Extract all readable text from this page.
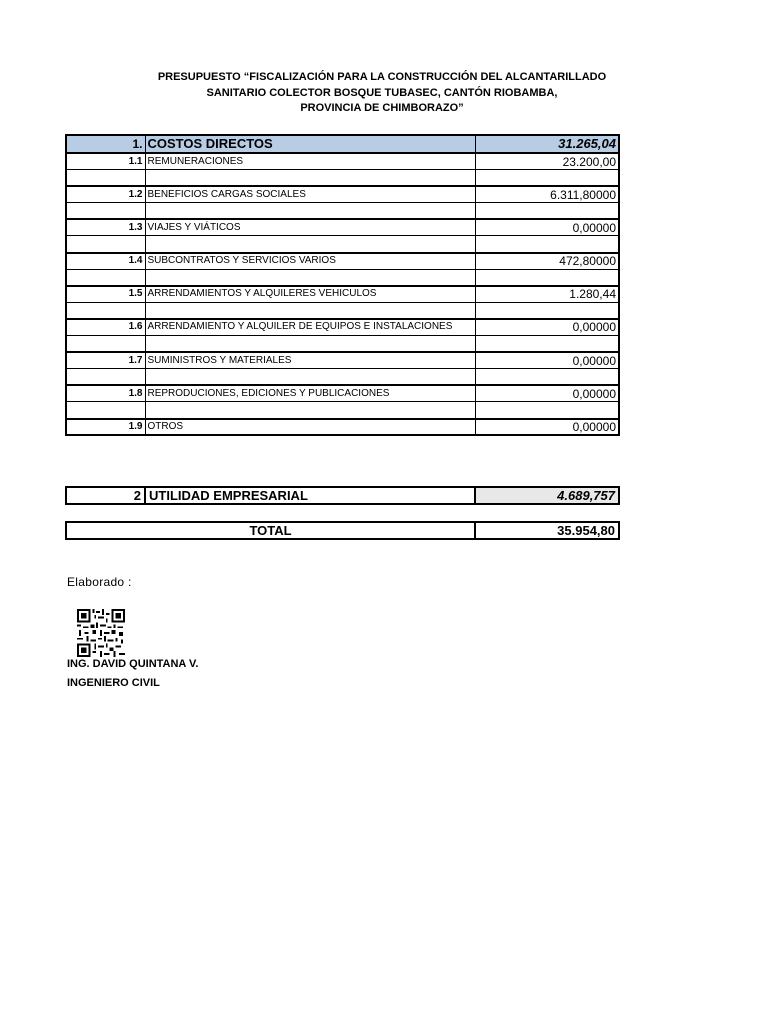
PRESUPUESTO “FISCALIZACIÓN PARA LA CONSTRUCCIÓN DEL ALCANTARILLADO
SANITARIO COLECTOR BOSQUE TUBASEC, CANTÓN RIOBAMBA,
PROVINCIA DE CHIMBORAZO”
1.	COSTOS DIRECTOS	31.265,04
1.1	REMUNERACIONES	23.200,00

1.2	BENEFICIOS CARGAS SOCIALES	6.311,80000

1.3	VIAJES Y VIÁTICOS	0,00000

1.4	SUBCONTRATOS Y SERVICIOS VARIOS	472,80000

1.5	ARRENDAMIENTOS Y ALQUILERES VEHICULOS	1.280,44

1.6	ARRENDAMIENTO Y ALQUILER DE EQUIPOS E INSTALACIONES	0,00000

1.7	SUMINISTROS Y MATERIALES	0,00000

1.8	REPRODUCIONES, EDICIONES Y PUBLICACIONES	0,00000

1.9	OTROS	0,00000
2	UTILIDAD EMPRESARIAL	4.689,757
TOTAL	35.954,80
Elaborado :
ING. DAVID QUINTANA V.
INGENIERO CIVIL
